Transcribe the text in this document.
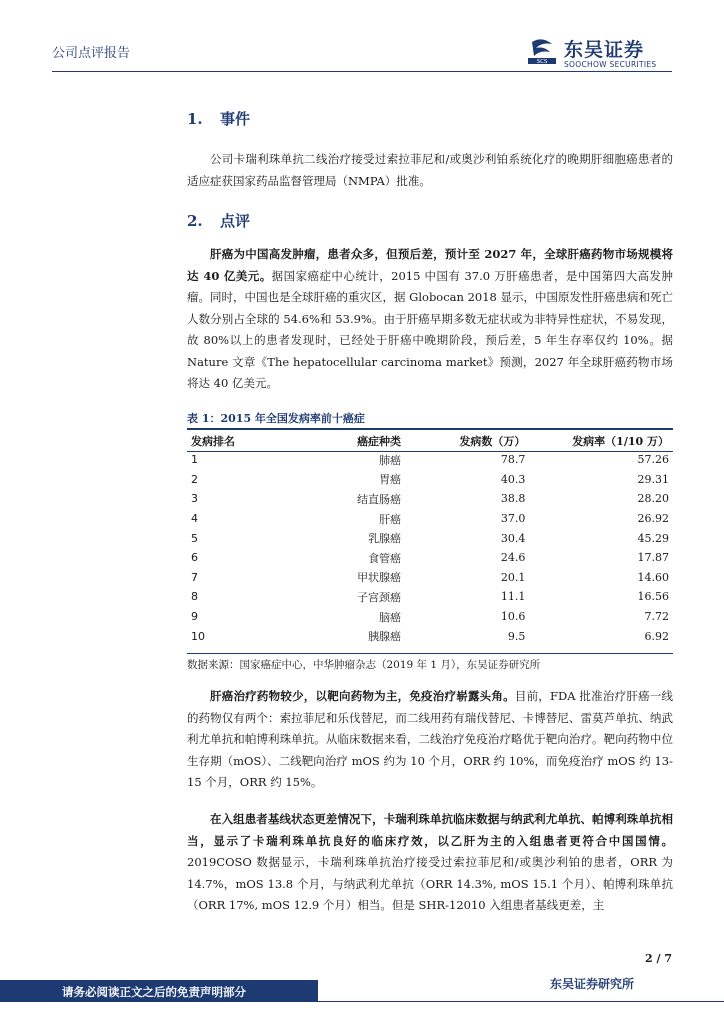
公司点评报告
SCS
东吴证券
SOOCHOW SECURITIES
1. 事件
公司卡瑞利珠单抗二线治疗接受过索拉菲尼和/或奥沙利铂系统化疗的晚期肝细胞癌患者的适应症获国家药品监督管理局（NMPA）批准。
2. 点评
肝癌为中国高发肿瘤，患者众多，但预后差，预计至 2027 年，全球肝癌药物市场规模将达 40 亿美元。据国家癌症中心统计，2015 中国有 37.0 万肝癌患者，是中国第四大高发肿瘤。同时，中国也是全球肝癌的重灾区，据 Globocan 2018 显示，中国原发性肝癌患病和死亡人数分别占全球的 54.6%和 53.9%。由于肝癌早期多数无症状或为非特异性症状，不易发现，故 80%以上的患者发现时，已经处于肝癌中晚期阶段，预后差，5 年生存率仅约 10%。据 Nature 文章《The hepatocellular carcinoma market》预测，2027 年全球肝癌药物市场将达 40 亿美元。
表 1：2015 年全国发病率前十癌症
发病排名	癌症种类	发病数（万）	发病率（1/10 万）
1	肺癌	78.7	57.26
2	胃癌	40.3	29.31
3	结直肠癌	38.8	28.20
4	肝癌	37.0	26.92
5	乳腺癌	30.4	45.29
6	食管癌	24.6	17.87
7	甲状腺癌	20.1	14.60
8	子宫颈癌	11.1	16.56
9	脑癌	10.6	7.72
10	胰腺癌	9.5	6.92
数据来源：国家癌症中心，中华肿瘤杂志（2019 年 1 月），东吴证券研究所
肝癌治疗药物较少，以靶向药物为主，免疫治疗崭露头角。目前，FDA 批准治疗肝癌一线的药物仅有两个：索拉菲尼和乐伐替尼，而二线用药有瑞伐替尼、卡博替尼、雷莫芦单抗、纳武利尤单抗和帕博利珠单抗。从临床数据来看，二线治疗免疫治疗略优于靶向治疗。靶向药物中位生存期（mOS）、二线靶向治疗 mOS 约为 10 个月，ORR 约 10%，而免疫治疗 mOS 约 13-15 个月，ORR 约 15%。
在入组患者基线状态更差情况下，卡瑞利珠单抗临床数据与纳武利尤单抗、帕博利珠单抗相当，显示了卡瑞利珠单抗良好的临床疗效，以乙肝为主的入组患者更符合中国国情。2019COSO 数据显示，卡瑞利珠单抗治疗接受过索拉菲尼和/或奥沙利铂的患者，ORR 为 14.7%，mOS 13.8 个月，与纳武利尤单抗（ORR 14.3%, mOS 15.1 个月）、帕博利珠单抗（ORR 17%, mOS 12.9 个月）相当。但是 SHR-12010 入组患者基线更差，主
2 / 7
请务必阅读正文之后的免责声明部分
东吴证券研究所
